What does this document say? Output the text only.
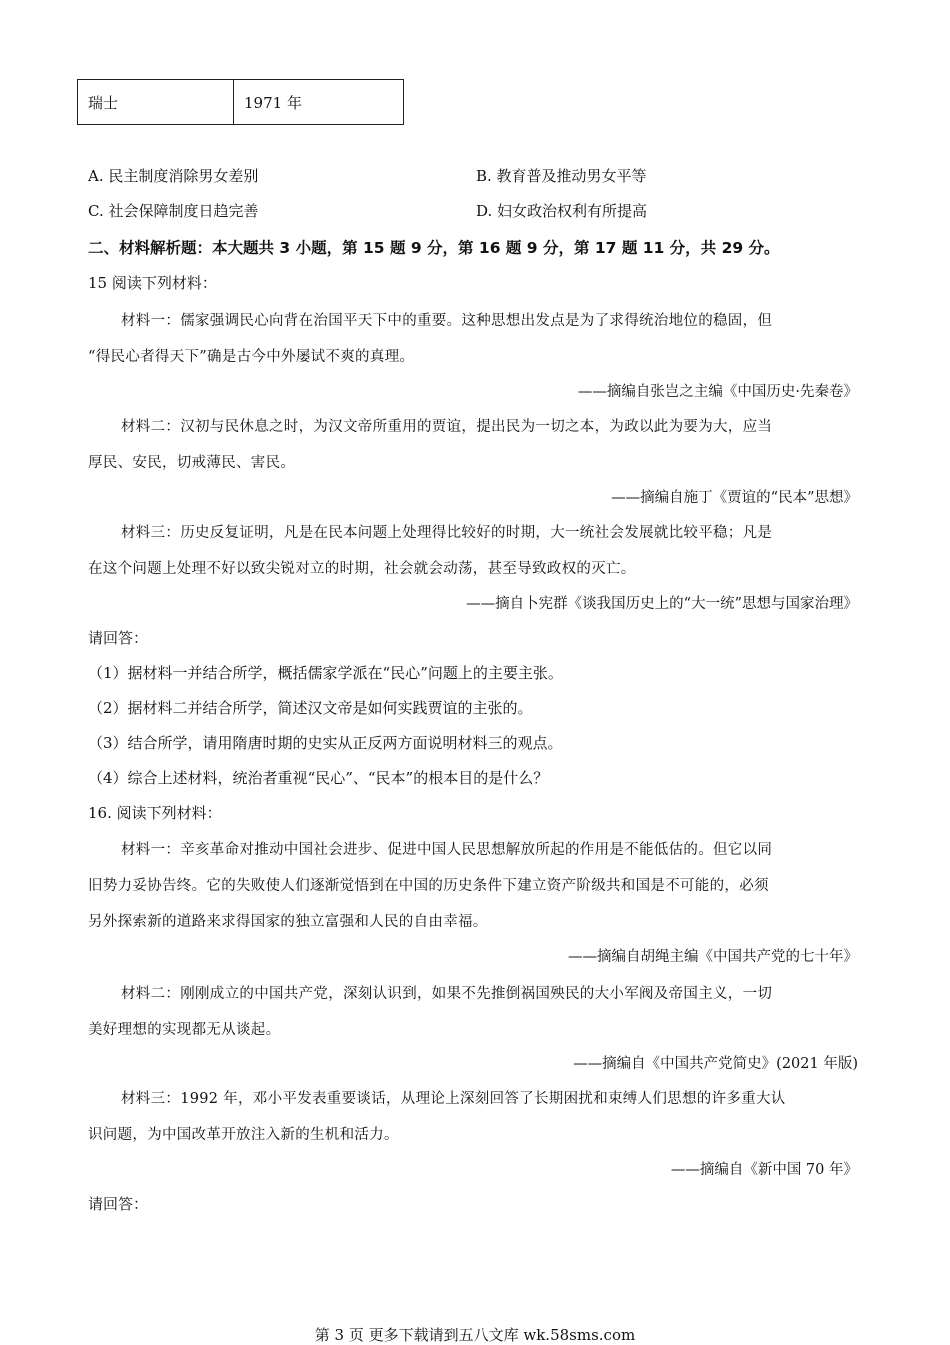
瑞士	1971 年
A. 民主制度消除男女差别	B. 教育普及推动男女平等
C. 社会保障制度日趋完善	D. 妇女政治权利有所提高
二、材料解析题：本大题共 3 小题，第 15 题 9 分，第 16 题 9 分，第 17 题 11 分，共 29 分。
15 阅读下列材料：
材料一：儒家强调民心向背在治国平天下中的重要。这种思想出发点是为了求得统治地位的稳固，但
“得民心者得天下”确是古今中外屡试不爽的真理。
——摘编自张岂之主编《中国历史·先秦卷》
材料二：汉初与民休息之时，为汉文帝所重用的贾谊，提出民为一切之本，为政以此为要为大，应当
厚民、安民，切戒薄民、害民。
——摘编自施丁《贾谊的“民本”思想》
材料三：历史反复证明，凡是在民本问题上处理得比较好的时期，大一统社会发展就比较平稳；凡是
在这个问题上处理不好以致尖锐对立的时期，社会就会动荡，甚至导致政权的灭亡。
——摘自卜宪群《谈我国历史上的“大一统”思想与国家治理》
请回答：
（1）据材料一并结合所学，概括儒家学派在“民心”问题上的主要主张。
（2）据材料二并结合所学，简述汉文帝是如何实践贾谊的主张的。
（3）结合所学，请用隋唐时期的史实从正反两方面说明材料三的观点。
（4）综合上述材料，统治者重视“民心”、“民本”的根本目的是什么？
16. 阅读下列材料：
材料一：辛亥革命对推动中国社会进步、促进中国人民思想解放所起的作用是不能低估的。但它以同
旧势力妥协告终。它的失败使人们逐渐觉悟到在中国的历史条件下建立资产阶级共和国是不可能的，必须
另外探索新的道路来求得国家的独立富强和人民的自由幸福。
——摘编自胡绳主编《中国共产党的七十年》
材料二：刚刚成立的中国共产党，深刻认识到，如果不先推倒祸国殃民的大小军阀及帝国主义，一切
美好理想的实现都无从谈起。
——摘编自《中国共产党简史》(2021 年版)
材料三：1992 年，邓小平发表重要谈话，从理论上深刻回答了长期困扰和束缚人们思想的许多重大认
识问题，为中国改革开放注入新的生机和活力。
——摘编自《新中国 70 年》
请回答：
第 3 页 更多下载请到五八文库 wk.58sms.com
